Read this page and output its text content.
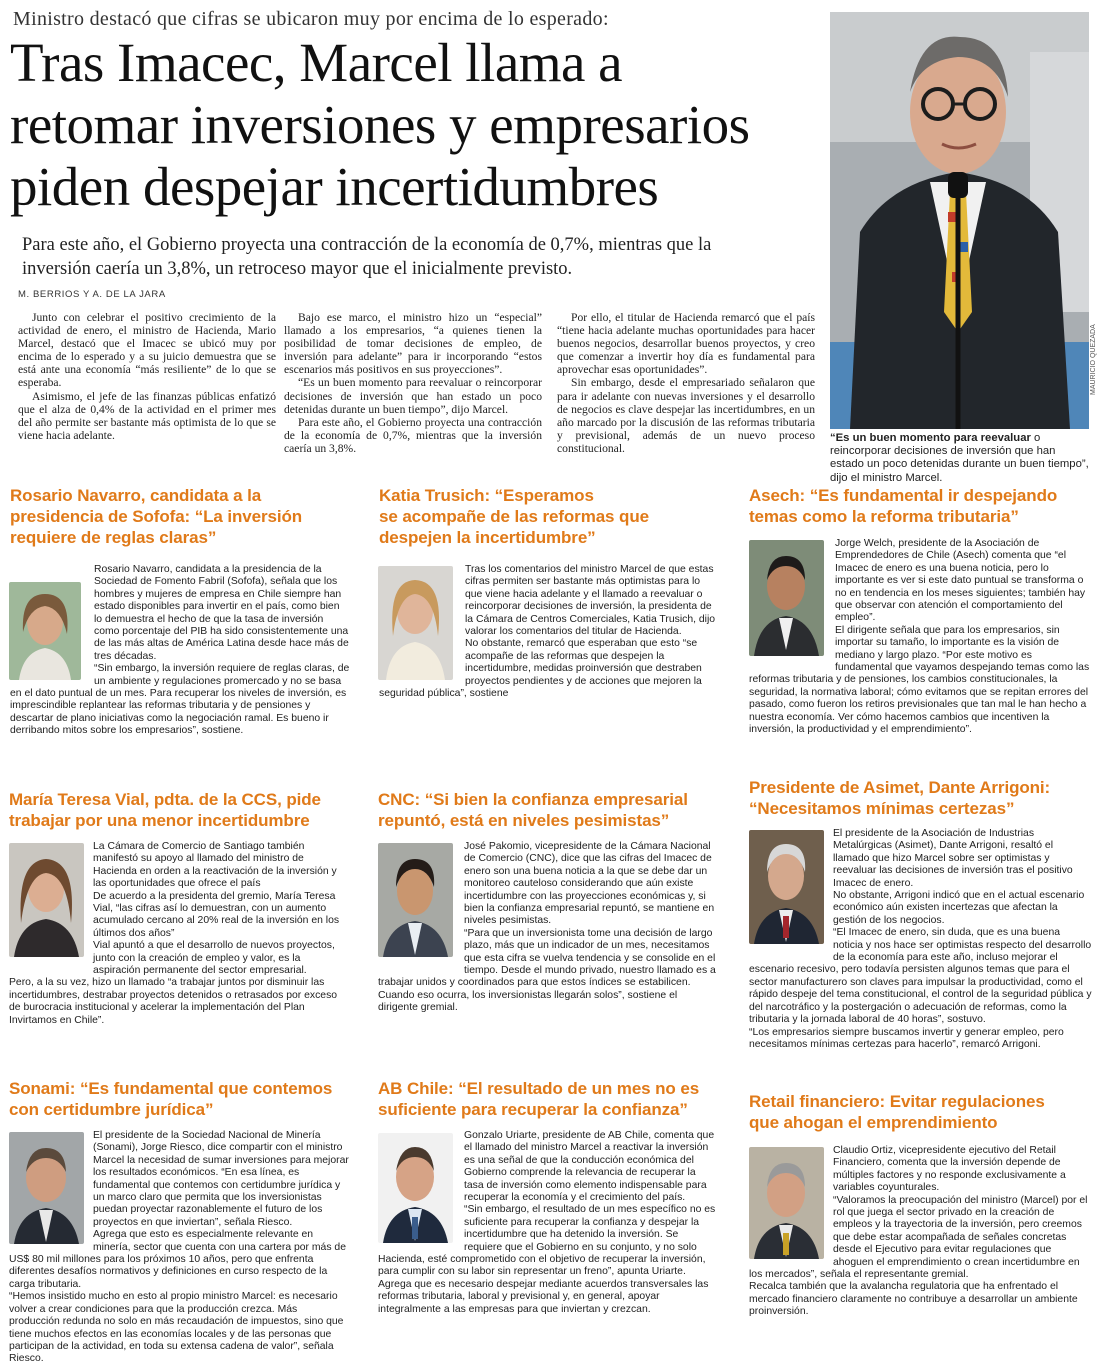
Ministro destacó que cifras se ubicaron muy por encima de lo esperado:
Tras Imacec, Marcel llama a
retomar inversiones y empresarios
piden despejar incertidumbres
Para este año, el Gobierno proyecta una contracción de la economía de 0,7%, mientras que la
inversión caería un 3,8%, un retroceso mayor que el inicialmente previsto.
M. BERRIOS Y A. DE LA JARA

Junto con celebrar el positivo crecimiento de la actividad de enero, el ministro de Hacienda, Mario Marcel, destacó que el Imacec se ubicó muy por encima de lo esperado y a su juicio demuestra que se está ante una economía “más resiliente” de lo que se esperaba.

Asimismo, el jefe de las finanzas públicas enfatizó que el alza de 0,4% de la actividad en el primer mes del año permite ser bastante más optimista de lo que se viene hacia adelante.

Bajo ese marco, el ministro hizo un “especial” llamado a los empresarios, “a quienes tienen la posibilidad de tomar decisiones de empleo, de inversión para adelante” para ir incorporando “estos escenarios más positivos en sus proyecciones”.

“Es un buen momento para reevaluar o reincorporar decisiones de inversión que han estado un poco detenidas durante un buen tiempo”, dijo Marcel.

Para este año, el Gobierno proyecta una contracción de la economía de 0,7%, mientras que la inversión caería un 3,8%.

Por ello, el titular de Hacienda remarcó que el país “tiene hacia adelante muchas oportunidades para hacer buenos negocios, desarrollar buenos proyectos, y creo que comenzar a invertir hoy día es fundamental para aprovechar esas oportunidades”.

Sin embargo, desde el empresariado señalaron que para ir adelante con nuevas inversiones y el desarrollo de negocios es clave despejar las incertidumbres, en un año marcado por la discusión de las reformas tributaria y previsional, además de un nuevo proceso constitucional.

MAURICIO QUEZADA
“Es un buen momento para reevaluar o reincorporar decisiones de inversión que han estado un poco detenidas durante un buen tiempo”, dijo el ministro Marcel.
Rosario Navarro, candidata a la
presidencia de Sofofa: “La inversión
requiere de reglas claras”
Rosario Navarro, candidata a la presidencia de la Sociedad de Fomento Fabril (Sofofa), señala que los hombres y mujeres de empresa en Chile siempre han estado disponibles para invertir en el país, como bien lo demuestra el hecho de que la tasa de inversión como porcentaje del PIB ha sido consistentemente una de las más altas de América Latina desde hace más de tres décadas.
“Sin embargo, la inversión requiere de reglas claras, de un ambiente y regulaciones promercado y no se basa en el dato puntual de un mes. Para recuperar los niveles de inversión, es imprescindible replantear las reformas tributaria y de pensiones y descartar de plano iniciativas como la negociación ramal. Es bueno ir derribando mitos sobre los empresarios”, sostiene.
Katia Trusich: “Esperamos
se acompañe de las reformas que
despejen la incertidumbre”
Tras los comentarios del ministro Marcel de que estas cifras permiten ser bastante más optimistas para lo que viene hacia adelante y el llamado a reevaluar o reincorporar decisiones de inversión, la presidenta de la Cámara de Centros Comerciales, Katia Trusich, dijo valorar los comentarios del titular de Hacienda.
No obstante, remarcó que esperaban que esto “se acompañe de las reformas que despejen la incertidumbre, medidas proinversión que destraben proyectos pendientes y de acciones que mejoren la seguridad pública”, sostiene
Asech: “Es fundamental ir despejando
temas como la reforma tributaria”
Jorge Welch, presidente de la Asociación de Emprendedores de Chile (Asech) comenta que “el Imacec de enero es una buena noticia, pero lo importante es ver si este dato puntual se transforma o no en tendencia en los meses siguientes; también hay que observar con atención el comportamiento del empleo”.
El dirigente señala que para los empresarios, sin importar su tamaño, lo importante es la visión de mediano y largo plazo. “Por este motivo es fundamental que vayamos despejando temas como las reformas tributaria y de pensiones, los cambios constitucionales, la seguridad, la normativa laboral; cómo evitamos que se repitan errores del pasado, como fueron los retiros previsionales que tan mal le han hecho a nuestra economía. Ver cómo hacemos cambios que incentiven la inversión, la productividad y el emprendimiento”.
María Teresa Vial, pdta. de la CCS, pide
trabajar por una menor incertidumbre
La Cámara de Comercio de Santiago también manifestó su apoyo al llamado del ministro de Hacienda en orden a la reactivación de la inversión y las oportunidades que ofrece el país
De acuerdo a la presidenta del gremio, María Teresa Vial, “las cifras así lo demuestran, con un aumento acumulado cercano al 20% real de la inversión en los últimos dos años”
Vial apuntó a que el desarrollo de nuevos proyectos, junto con la creación de empleo y valor, es la aspiración permanente del sector empresarial.
Pero, a la su vez, hizo un llamado “a trabajar juntos por disminuir las incertidumbres, destrabar proyectos detenidos o retrasados por exceso de burocracia institucional y acelerar la implementación del Plan Invirtamos en Chile”.
CNC: “Si bien la confianza empresarial
repuntó, está en niveles pesimistas”
José Pakomio, vicepresidente de la Cámara Nacional de Comercio (CNC), dice que las cifras del Imacec de enero son una buena noticia a la que se debe dar un monitoreo cauteloso considerando que aún existe incertidumbre con las proyecciones económicas y, si bien la confianza empresarial repuntó, se mantiene en niveles pesimistas.
“Para que un inversionista tome una decisión de largo plazo, más que un indicador de un mes, necesitamos que esta cifra se vuelva tendencia y se consolide en el tiempo. Desde el mundo privado, nuestro llamado es a trabajar unidos y coordinados para que estos índices se estabilicen. Cuando eso ocurra, los inversionistas llegarán solos”, sostiene el dirigente gremial.
Presidente de Asimet, Dante Arrigoni:
“Necesitamos mínimas certezas”
El presidente de la Asociación de Industrias Metalúrgicas (Asimet), Dante Arrigoni, resaltó el llamado que hizo Marcel sobre ser optimistas y reevaluar las decisiones de inversión tras el positivo Imacec de enero.
No obstante, Arrigoni indicó que en el actual escenario económico aún existen incertezas que afectan la gestión de los negocios.
“El Imacec de enero, sin duda, que es una buena noticia y nos hace ser optimistas respecto del desarrollo de la economía para este año, incluso mejorar el escenario recesivo, pero todavía persisten algunos temas que para el sector manufacturero son claves para impulsar la productividad, como el rápido despeje del tema constitucional, el control de la seguridad pública y del narcotráfico y la postergación o adecuación de reformas, como la tributaria y la jornada laboral de 40 horas”, sostuvo.
“Los empresarios siempre buscamos invertir y generar empleo, pero necesitamos mínimas certezas para hacerlo”, remarcó Arrigoni.
Sonami: “Es fundamental que contemos
con certidumbre jurídica”
El presidente de la Sociedad Nacional de Minería (Sonami), Jorge Riesco, dice compartir con el ministro Marcel la necesidad de sumar inversiones para mejorar los resultados económicos. “En esa línea, es fundamental que contemos con certidumbre jurídica y un marco claro que permita que los inversionistas puedan proyectar razonablemente el futuro de los proyectos en que inviertan”, señala Riesco.
Agrega que esto es especialmente relevante en minería, sector que cuenta con una cartera por más de US$ 80 mil millones para los próximos 10 años, pero que enfrenta diferentes desafíos normativos y definiciones en curso respecto de la carga tributaria.
“Hemos insistido mucho en esto al propio ministro Marcel: es necesario volver a crear condiciones para que la producción crezca. Más producción redunda no solo en más recaudación de impuestos, sino que tiene muchos efectos en las economías locales y de las personas que participan de la actividad, en toda su extensa cadena de valor”, señala Riesco.
AB Chile: “El resultado de un mes no es
suficiente para recuperar la confianza”
Gonzalo Uriarte, presidente de AB Chile, comenta que el llamado del ministro Marcel a reactivar la inversión es una señal de que la conducción económica del Gobierno comprende la relevancia de recuperar la tasa de inversión como elemento indispensable para recuperar la economía y el crecimiento del país.
“Sin embargo, el resultado de un mes específico no es suficiente para recuperar la confianza y despejar la incertidumbre que ha detenido la inversión. Se requiere que el Gobierno en su conjunto, y no solo Hacienda, esté comprometido con el objetivo de recuperar la inversión, para cumplir con su labor sin representar un freno”, apunta Uriarte.
Agrega que es necesario despejar mediante acuerdos transversales las reformas tributaria, laboral y previsional y, en general, apoyar integralmente a las empresas para que inviertan y crezcan.
Retail financiero: Evitar regulaciones
que ahogan el emprendimiento
Claudio Ortiz, vicepresidente ejecutivo del Retail Financiero, comenta que la inversión depende de múltiples factores y no responde exclusivamente a variables coyunturales.
“Valoramos la preocupación del ministro (Marcel) por el rol que juega el sector privado en la creación de empleos y la trayectoria de la inversión, pero creemos que debe estar acompañada de señales concretas desde el Ejecutivo para evitar regulaciones que ahoguen el emprendimiento o crean incertidumbre en los mercados”, señala el representante gremial.
Recalca también que la avalancha regulatoria que ha enfrentado el mercado financiero claramente no contribuye a desarrollar un ambiente proinversión.
